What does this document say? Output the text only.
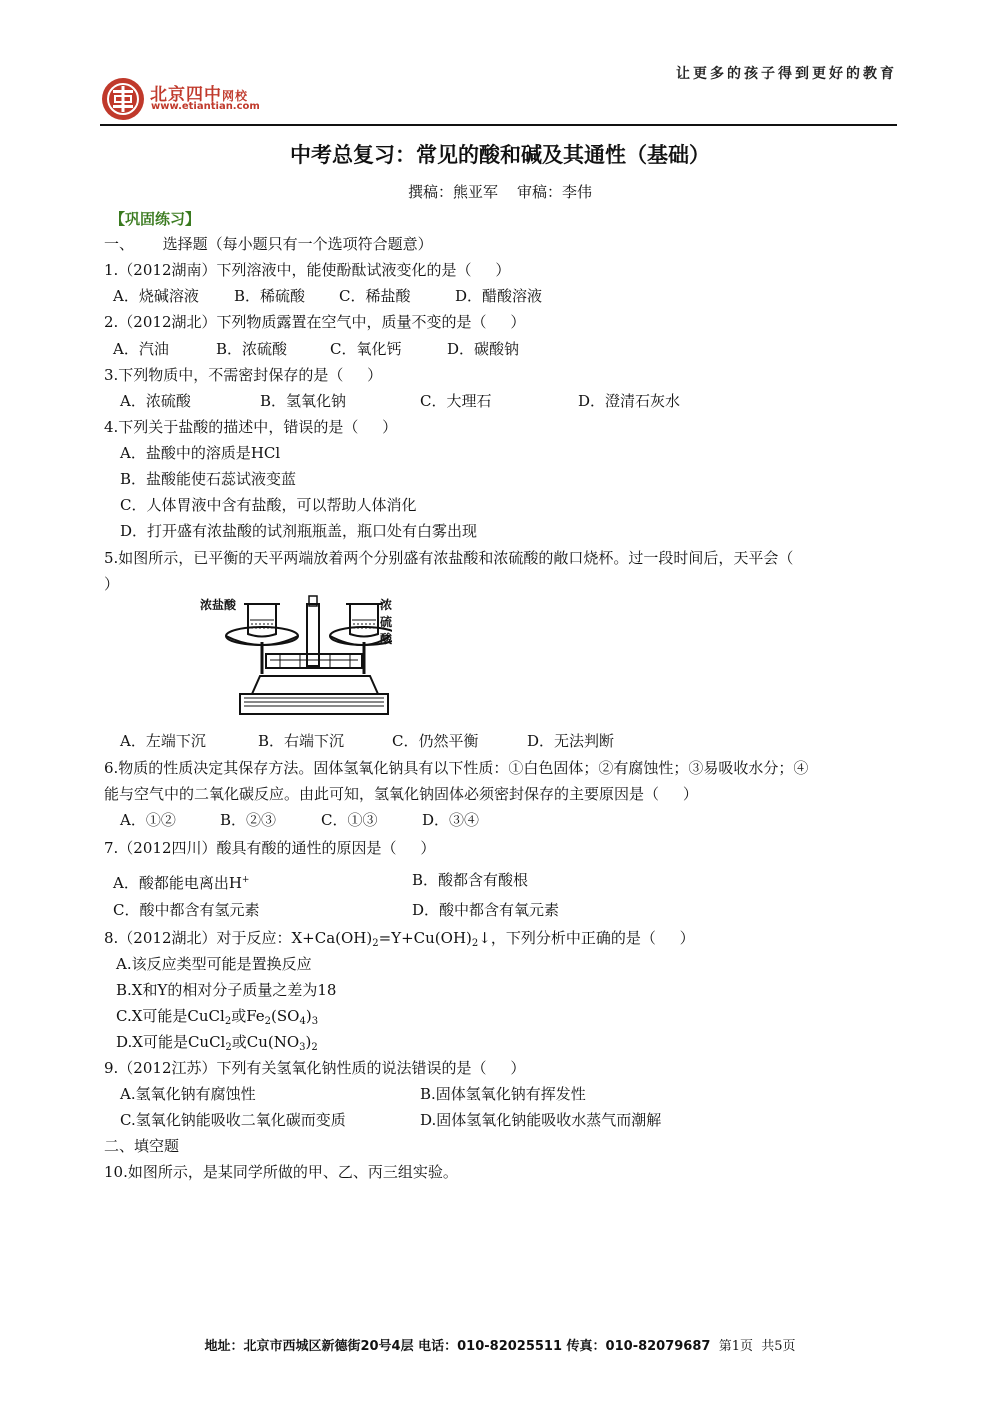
让更多的孩子得到更好的教育
北京四中网校
www.etiantian.com
中考总复习：常见的酸和碱及其通性（基础）
撰稿：熊亚军    审稿：李伟
【巩固练习】
一、      选择题（每小题只有一个选项符合题意）
1.（2012湖南）下列溶液中，能使酚酞试液变化的是（     ）
A．烧碱溶液 B．稀硫酸 C．稀盐酸	D．醋酸溶液
2.（2012湖北）下列物质露置在空气中，质量不变的是（     ）
A．汽油	B．浓硫酸	C．氧化钙	D．碳酸钠
3.下列物质中，不需密封保存的是（     ）
A．浓硫酸	B．氢氧化钠	C．大理石	D．澄清石灰水
4.下列关于盐酸的描述中，错误的是（     ）
A．盐酸中的溶质是HCl
B．盐酸能使石蕊试液变蓝
C．人体胃液中含有盐酸，可以帮助人体消化
D．打开盛有浓盐酸的试剂瓶瓶盖，瓶口处有白雾出现
5.如图所示，已平衡的天平两端放着两个分别盛有浓盐酸和浓硫酸的敞口烧杯。过一段时间后，天平会（
）
浓盐酸	浓硫酸
A．左端下沉	B．右端下沉	C．仍然平衡	D．无法判断
6.物质的性质决定其保存方法。固体氢氧化钠具有以下性质：①白色固体；②有腐蚀性；③易吸收水分；④
能与空气中的二氧化碳反应。由此可知，氢氧化钠固体必须密封保存的主要原因是（     ）
A．①②	B．②③	C．①③	D．③④
7.（2012四川）酸具有酸的通性的原因是（     ）
A．酸都能电离出H+	B．酸都含有酸根
C．酸中都含有氢元素	D．酸中都含有氧元素
8.（2012湖北）对于反应：$X+Ca(OH)_2=Y+Cu(OH)_2↓$，下列分析中正确的是（     ）
A.该反应类型可能是置换反应
B.X和Y的相对分子质量之差为18
C.X可能是CuCl$_2$或$Fe_2(SO_4)_3$
D.X可能是CuCl$_2$或$Cu(NO_3)_2$
9.（2012江苏）下列有关氢氧化钠性质的说法错误的是（     ）
A.氢氧化钠有腐蚀性	B.固体氢氧化钠有挥发性
C.氢氧化钠能吸收二氧化碳而变质	D.固体氢氧化钠能吸收水蒸气而潮解
二、填空题
10.如图所示，是某同学所做的甲、乙、丙三组实验。
地址：北京市西城区新德街20号4层 电话：010-82025511 传真：010-82079687  第1页  共5页
